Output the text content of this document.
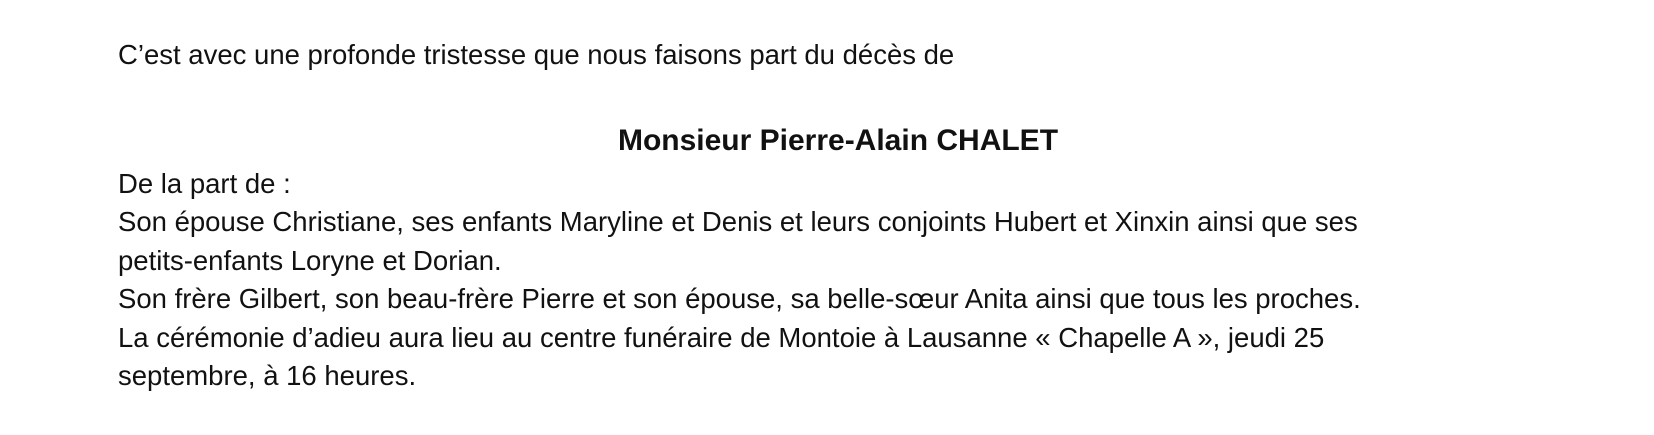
C’est avec une profonde tristesse que nous faisons part du décès de
Monsieur Pierre-Alain CHALET
De la part de :
Son épouse Christiane, ses enfants Maryline et Denis et leurs conjoints Hubert et Xinxin ainsi que ses
petits-enfants Loryne et Dorian.
Son frère Gilbert, son beau-frère Pierre et son épouse, sa belle-sœur Anita ainsi que tous les proches.
La cérémonie d’adieu aura lieu au centre funéraire de Montoie à Lausanne « Chapelle A », jeudi 25
septembre, à 16 heures.
